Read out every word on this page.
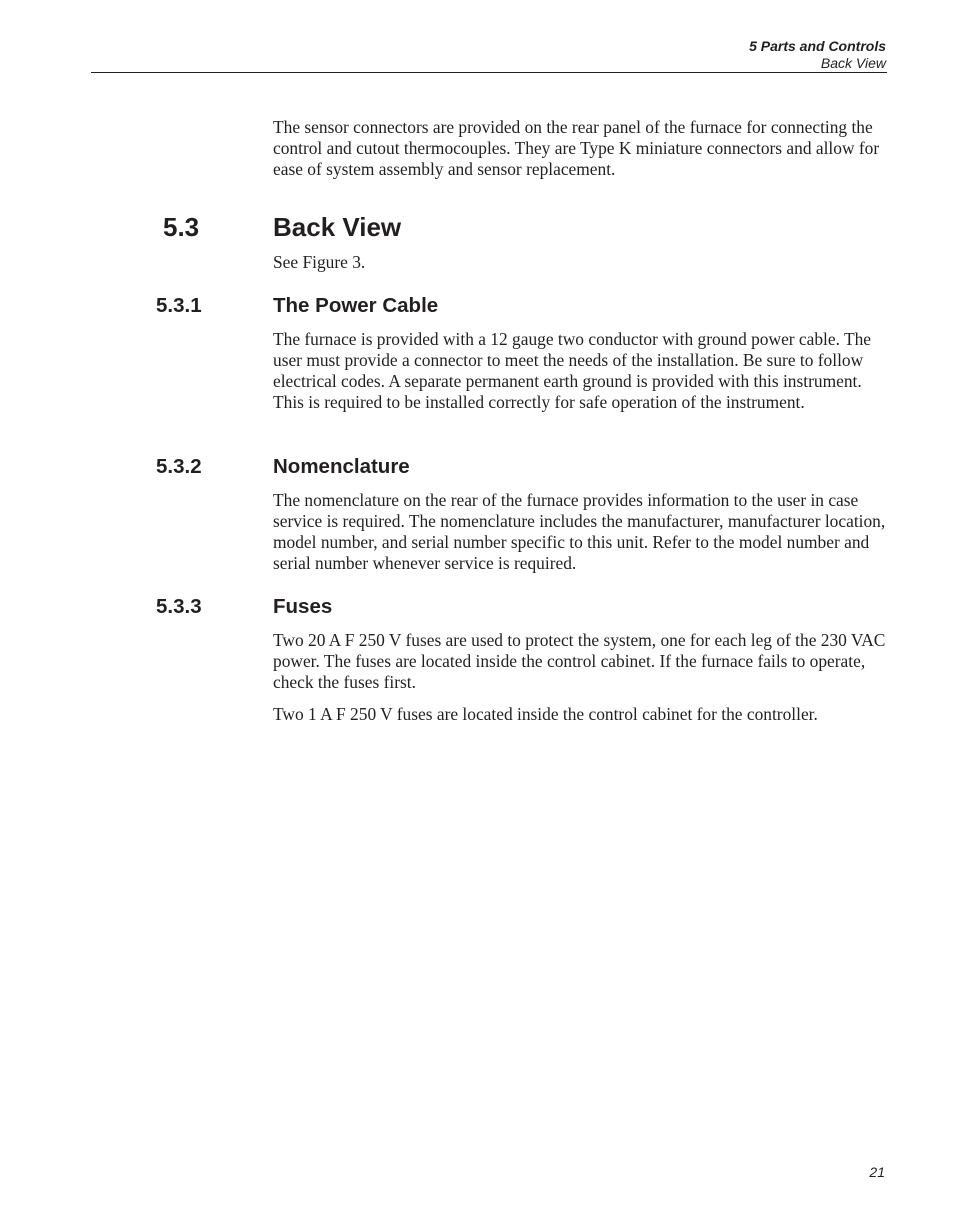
5 Parts and Controls
Back View

The sensor connectors are provided on the rear panel of the furnace for connecting the control and cutout thermocouples. They are Type K miniature connectors and allow for ease of system assembly and sensor replacement.

5.3	Back View

See Figure 3.

5.3.1	The Power Cable

The furnace is provided with a 12 gauge two conductor with ground power cable. The user must provide a connector to meet the needs of the installation. Be sure to follow electrical codes. A separate permanent earth ground is provided with this instrument. This is required to be installed correctly for safe operation of the instrument.

5.3.2	Nomenclature

The nomenclature on the rear of the furnace provides information to the user in case service is required. The nomenclature includes the manufacturer, manufacturer location, model number, and serial number specific to this unit. Refer to the model number and serial number whenever service is required.

5.3.3	Fuses

Two 20 A F 250 V fuses are used to protect the system, one for each leg of the 230 VAC power. The fuses are located inside the control cabinet. If the furnace fails to operate, check the fuses first.

Two 1 A F 250 V fuses are located inside the control cabinet for the controller.

21
